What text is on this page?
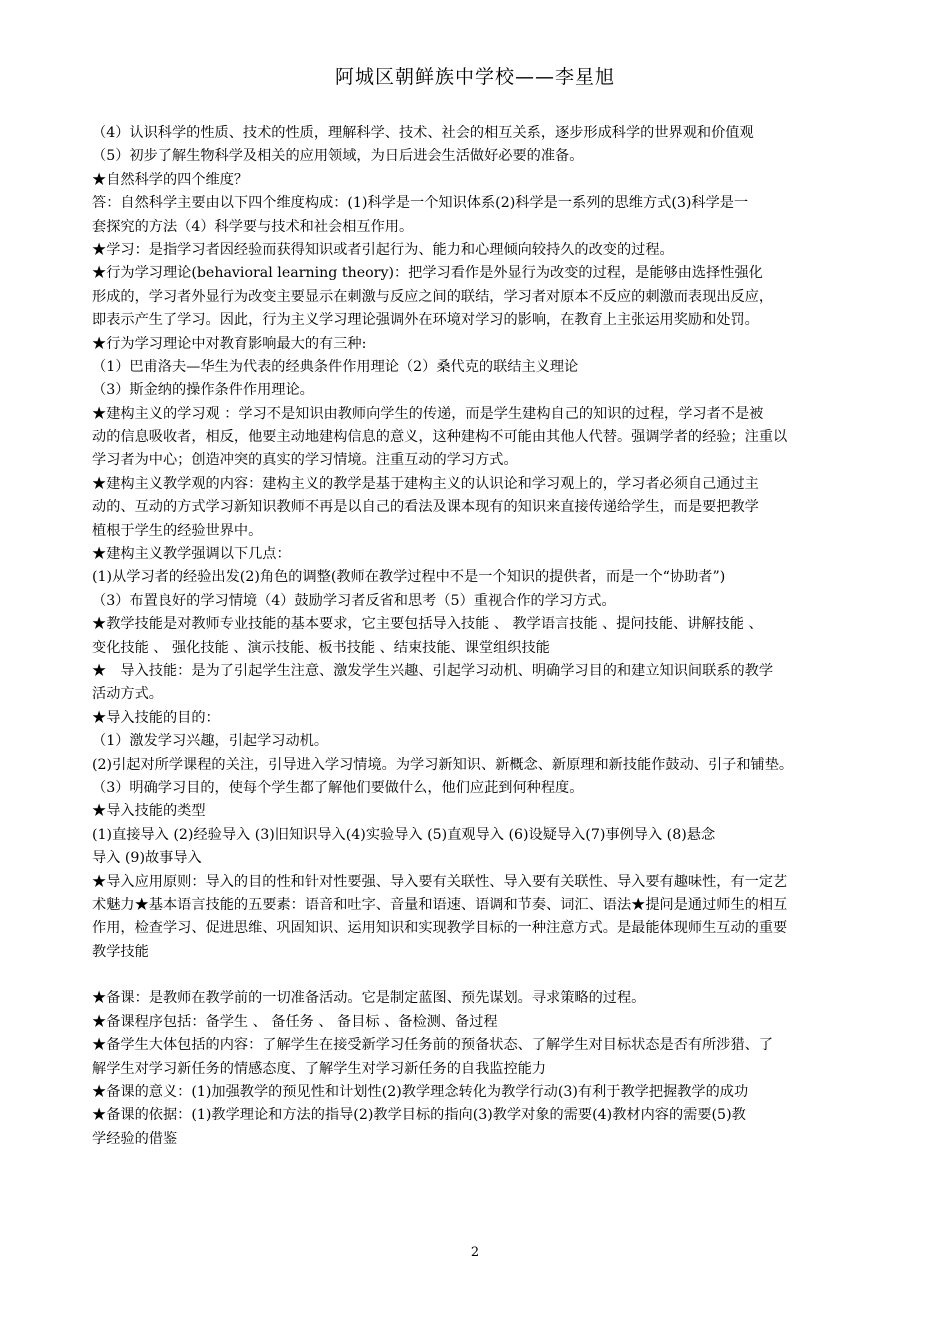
阿城区朝鲜族中学校——李星旭
（4）认识科学的性质、技术的性质，理解科学、技术、社会的相互关系，逐步形成科学的世界观和价值观
（5）初步了解生物科学及相关的应用领域，为日后进会生活做好必要的准备。
★自然科学的四个维度？
答：自然科学主要由以下四个维度构成：(1)科学是一个知识体系(2)科学是一系列的思维方式(3)科学是一
套探究的方法（4）科学要与技术和社会相互作用。
★学习：是指学习者因经验而获得知识或者引起行为、能力和心理倾向较持久的改变的过程。
★行为学习理论(behavioral learning theory)：把学习看作是外显行为改变的过程，是能够由选择性强化
形成的，学习者外显行为改变主要显示在刺激与反应之间的联结，学习者对原本不反应的刺激而表现出反应，
即表示产生了学习。因此，行为主义学习理论强调外在环境对学习的影响，在教育上主张运用奖励和处罚。
★行为学习理论中对教育影响最大的有三种:
（1）巴甫洛夫—华生为代表的经典条件作用理论（2）桑代克的联结主义理论
（3）斯金纳的操作条件作用理论。
★建构主义的学习观 ：学习不是知识由教师向学生的传递，而是学生建构自己的知识的过程，学习者不是被
动的信息吸收者，相反，他要主动地建构信息的意义，这种建构不可能由其他人代替。强调学者的经验；注重以
学习者为中心；创造冲突的真实的学习情境。注重互动的学习方式。
★建构主义教学观的内容：建构主义的教学是基于建构主义的认识论和学习观上的，学习者必须自己通过主
动的、互动的方式学习新知识教师不再是以自己的看法及课本现有的知识来直接传递给学生，而是要把教学
植根于学生的经验世界中。
★建构主义教学强调以下几点：
(1)从学习者的经验出发(2)角色的调整(教师在教学过程中不是一个知识的提供者，而是一个“协助者”)
（3）布置良好的学习情境（4）鼓励学习者反省和思考（5）重视合作的学习方式。
★教学技能是对教师专业技能的基本要求，它主要包括导入技能 、 教学语言技能 、提问技能、讲解技能 、
变化技能 、 强化技能 、演示技能、板书技能 、结束技能、课堂组织技能
★　导入技能：是为了引起学生注意、激发学生兴趣、引起学习动机、明确学习目的和建立知识间联系的教学
活动方式。
★导入技能的目的：
（1）激发学习兴趣，引起学习动机。
(2)引起对所学课程的关注，引导进入学习情境。为学习新知识、新概念、新原理和新技能作鼓动、引子和铺垫。
（3）明确学习目的，使每个学生都了解他们要做什么，他们应茈到何种程度。
★导入技能的类型
(1)直接导入 (2)经验导入 (3)旧知识导入(4)实验导入 (5)直观导入 (6)设疑导入(7)事例导入 (8)悬念
导入 (9)故事导入
★导入应用原则：导入的目的性和针对性要强、导入要有关联性、导入要有关联性、导入要有趣味性，有一定艺
术魅力★基本语言技能的五要素：语音和吐字、音量和语速、语调和节奏、词汇、语法★提问是通过师生的相互
作用，检查学习、促进思维、巩固知识、运用知识和实现教学目标的一种注意方式。是最能体现师生互动的重要
教学技能
★备课：是教师在教学前的一切准备活动。它是制定蓝图、预先谋划。寻求策略的过程。
★备课程序包括：备学生 、 备任务 、 备目标 、备检测、备过程
★备学生大体包括的内容：了解学生在接受新学习任务前的预备状态、了解学生对目标状态是否有所涉猎、了
解学生对学习新任务的情感态度、了解学生对学习新任务的自我监控能力
★备课的意义：(1)加强教学的预见性和计划性(2)教学理念转化为教学行动(3)有利于教学把握教学的成功
★备课的依据：(1)教学理论和方法的指导(2)教学目标的指向(3)教学对象的需要(4)教材内容的需要(5)教
学经验的借鉴
2
